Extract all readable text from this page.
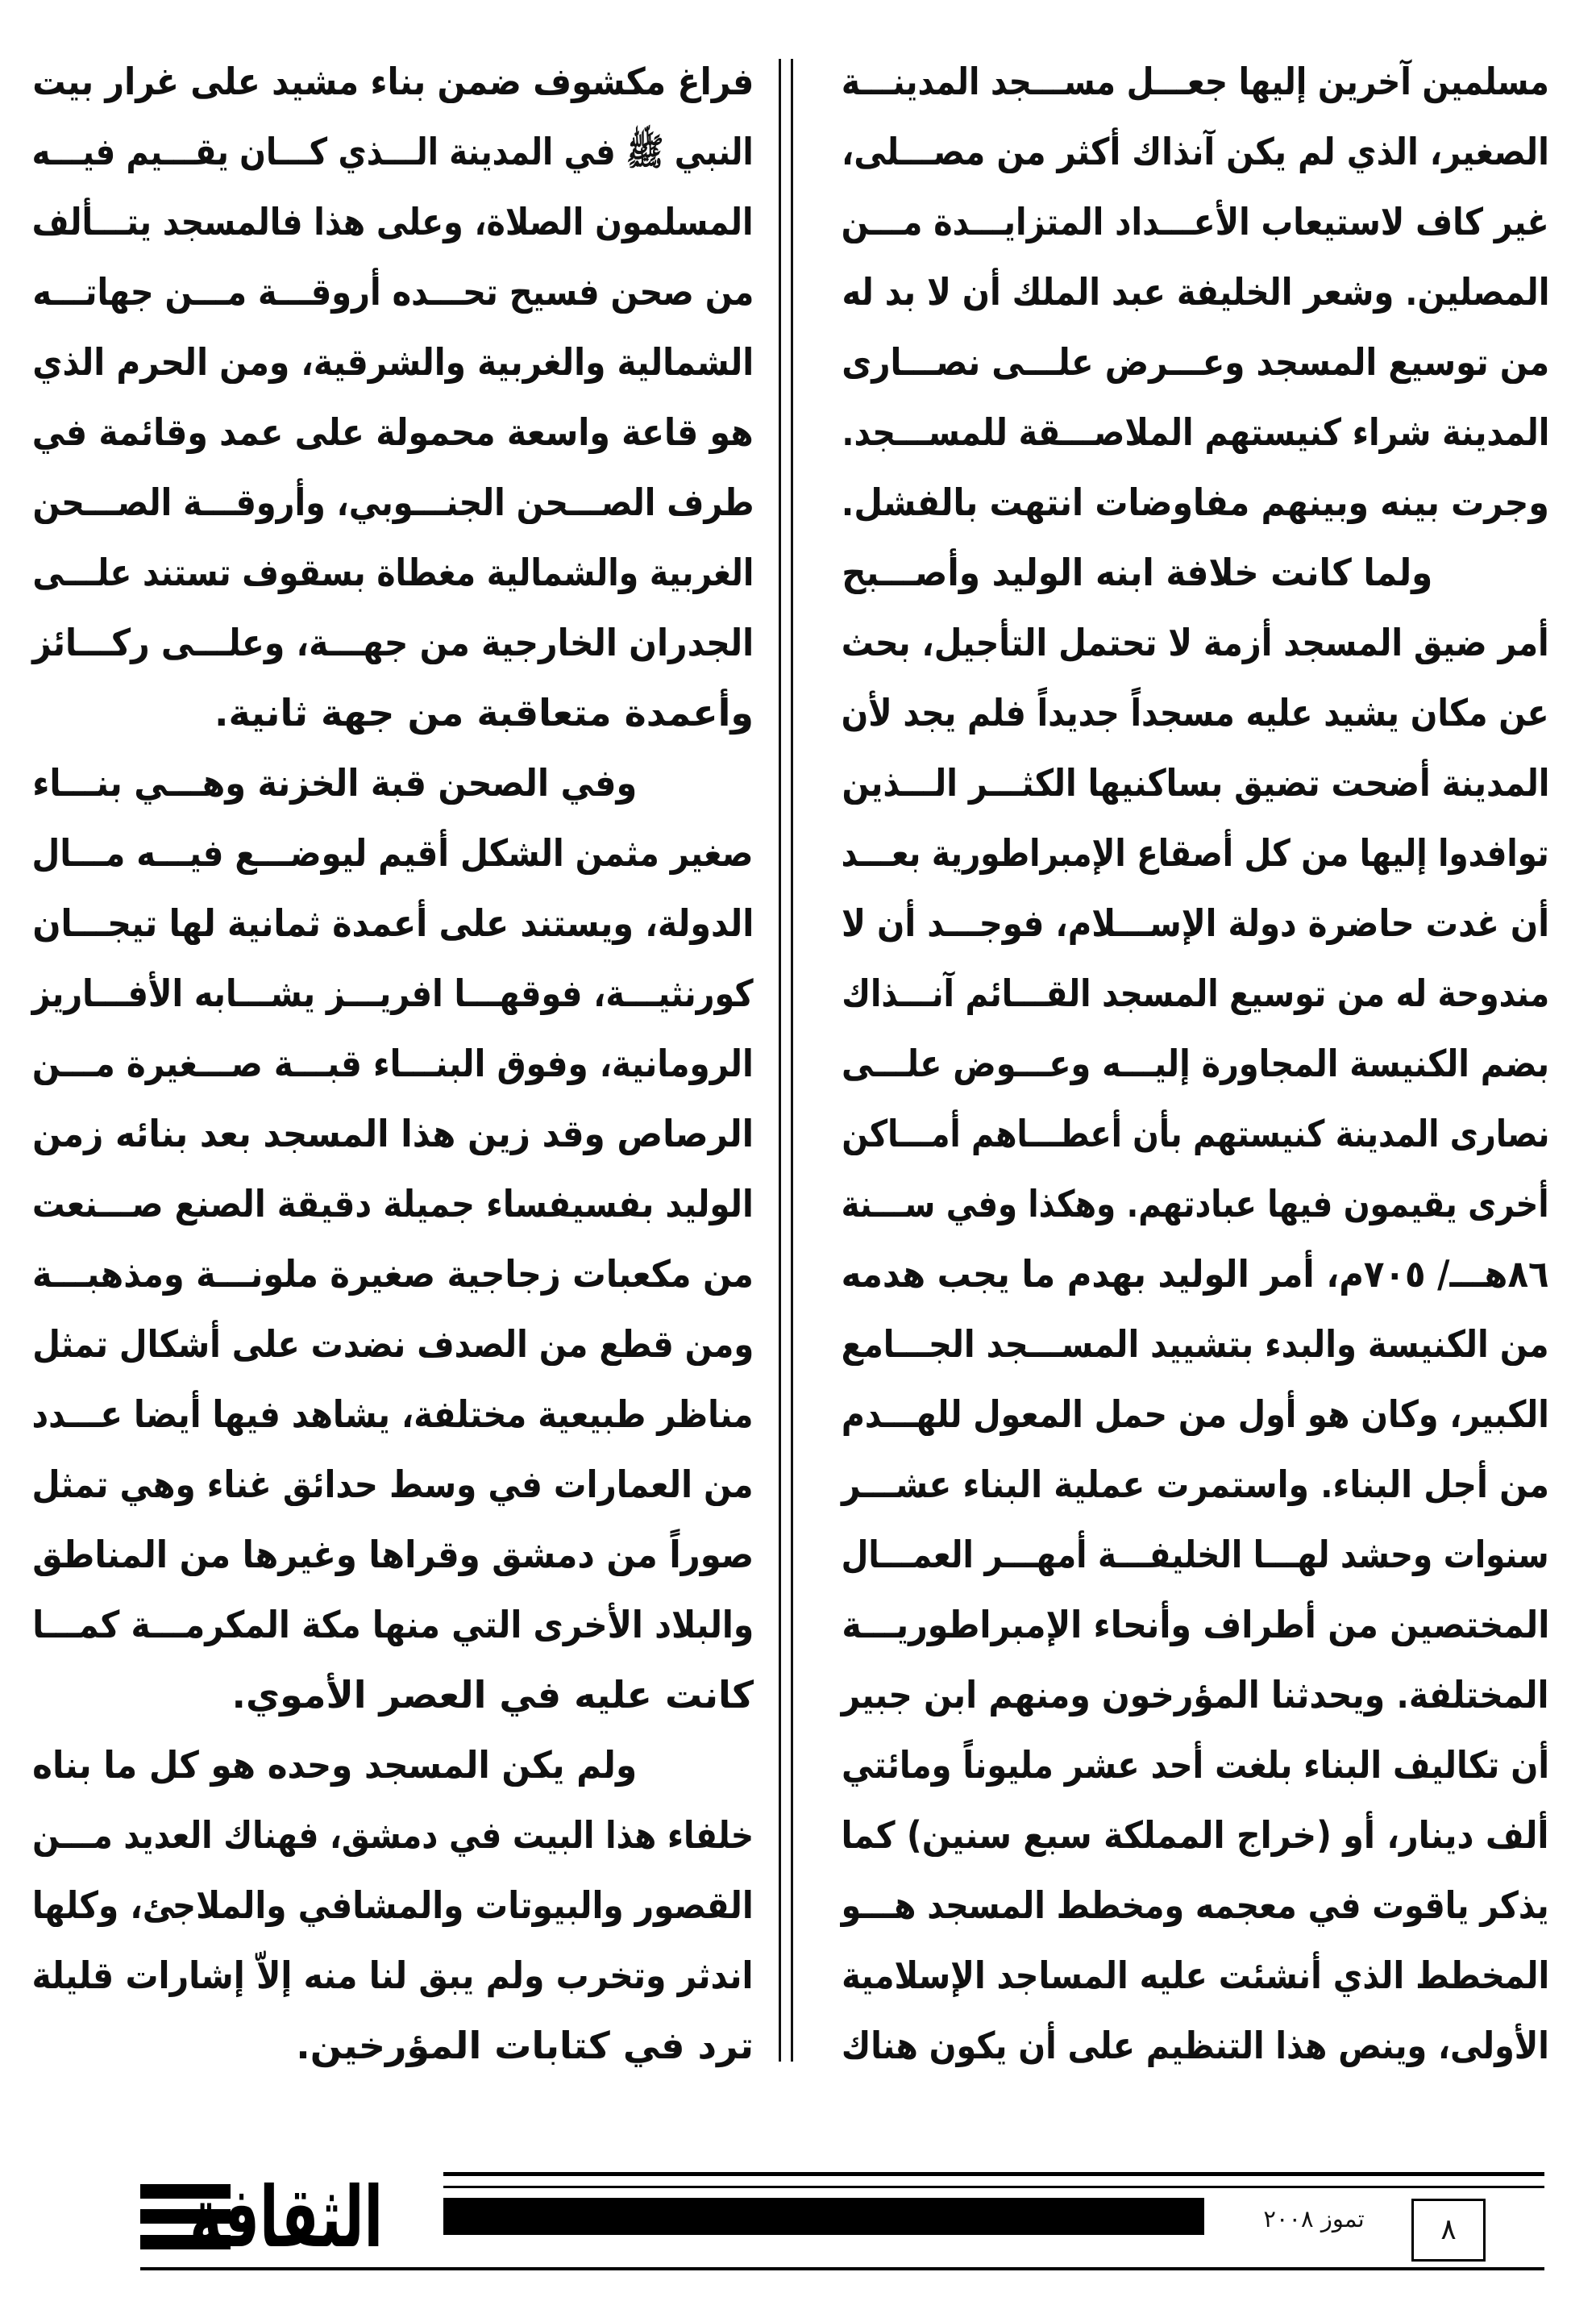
مسلمين آخرين إليها جعـــل مســـجد المدينـــة
الصغير، الذي لم يكن آنذاك أكثر من مصـــلى،
غير كاف لاستيعاب الأعـــداد المتزايـــدة مـــن
المصلين. وشعر الخليفة عبد الملك أن لا بد له
من توسيع المسجد وعـــرض علـــى نصـــارى
المدينة شراء كنيستهم الملاصـــقة للمســـجد.
وجرت بينه وبينهم مفاوضات انتهت بالفشل.
ولما كانت خلافة ابنه الوليد وأصـــبح
أمر ضيق المسجد أزمة لا تحتمل التأجيل، بحث
عن مكان يشيد عليه مسجداً جديداً فلم يجد لأن
المدينة أضحت تضيق بساكنيها الكثـــر الـــذين
توافدوا إليها من كل أصقاع الإمبراطورية بعـــد
أن غدت حاضرة دولة الإســـلام، فوجـــد أن لا
مندوحة له من توسيع المسجد القـــائم آنـــذاك
بضم الكنيسة المجاورة إليـــه وعـــوض علـــى
نصارى المدينة كنيستهم بأن أعطـــاهم أمـــاكن
أخرى يقيمون فيها عبادتهم. وهكذا وفي ســـنة
٨٦هـــ/ ٧٠٥م، أمر الوليد بهدم ما يجب هدمه
من الكنيسة والبدء بتشييد المســـجد الجـــامع
الكبير، وكان هو أول من حمل المعول للهـــدم
من أجل البناء. واستمرت عملية البناء عشـــر
سنوات وحشد لهـــا الخليفـــة أمهـــر العمـــال
المختصين من أطراف وأنحاء الإمبراطوريـــة
المختلفة. ويحدثنا المؤرخون ومنهم ابن جبير
أن تكاليف البناء بلغت أحد عشر مليوناً ومائتي
ألف دينار، أو (خراج المملكة سبع سنين) كما
يذكر ياقوت في معجمه ومخطط المسجد هـــو
المخطط الذي أنشئت عليه المساجد الإسلامية
الأولى، وينص هذا التنظيم على أن يكون هناك
فراغ مكشوف ضمن بناء مشيد على غرار بيت
النبي ﷺ في المدينة الـــذي كـــان يقـــيم فيـــه
المسلمون الصلاة، وعلى هذا فالمسجد يتـــألف
من صحن فسيح تحـــده أروقـــة مـــن جهاتـــه
الشمالية والغربية والشرقية، ومن الحرم الذي
هو قاعة واسعة محمولة على عمد وقائمة في
طرف الصـــحن الجنـــوبي، وأروقـــة الصـــحن
الغربية والشمالية مغطاة بسقوف تستند علـــى
الجدران الخارجية من جهـــة، وعلـــى ركـــائز
وأعمدة متعاقبة من جهة ثانية.
وفي الصحن قبة الخزنة وهـــي بنـــاء
صغير مثمن الشكل أقيم ليوضـــع فيـــه مـــال
الدولة، ويستند على أعمدة ثمانية لها تيجـــان
كورنثيـــة، فوقهـــا افريـــز يشـــابه الأفـــاريز
الرومانية، وفوق البنـــاء قبـــة صـــغيرة مـــن
الرصاص وقد زين هذا المسجد بعد بنائه زمن
الوليد بفسيفساء جميلة دقيقة الصنع صـــنعت
من مكعبات زجاجية صغيرة ملونـــة ومذهبـــة
ومن قطع من الصدف نضدت على أشكال تمثل
مناظر طبيعية مختلفة، يشاهد فيها أيضا عـــدد
من العمارات في وسط حدائق غناء وهي تمثل
صوراً من دمشق وقراها وغيرها من المناطق
والبلاد الأخرى التي منها مكة المكرمـــة كمـــا
كانت عليه في العصر الأموي.
ولم يكن المسجد وحده هو كل ما بناه
خلفاء هذا البيت في دمشق، فهناك العديد مـــن
القصور والبيوتات والمشافي والملاجئ، وكلها
اندثر وتخرب ولم يبق لنا منه إلاّ إشارات قليلة
ترد في كتابات المؤرخين.
الثقافة	تموز ٢٠٠٨	٨
